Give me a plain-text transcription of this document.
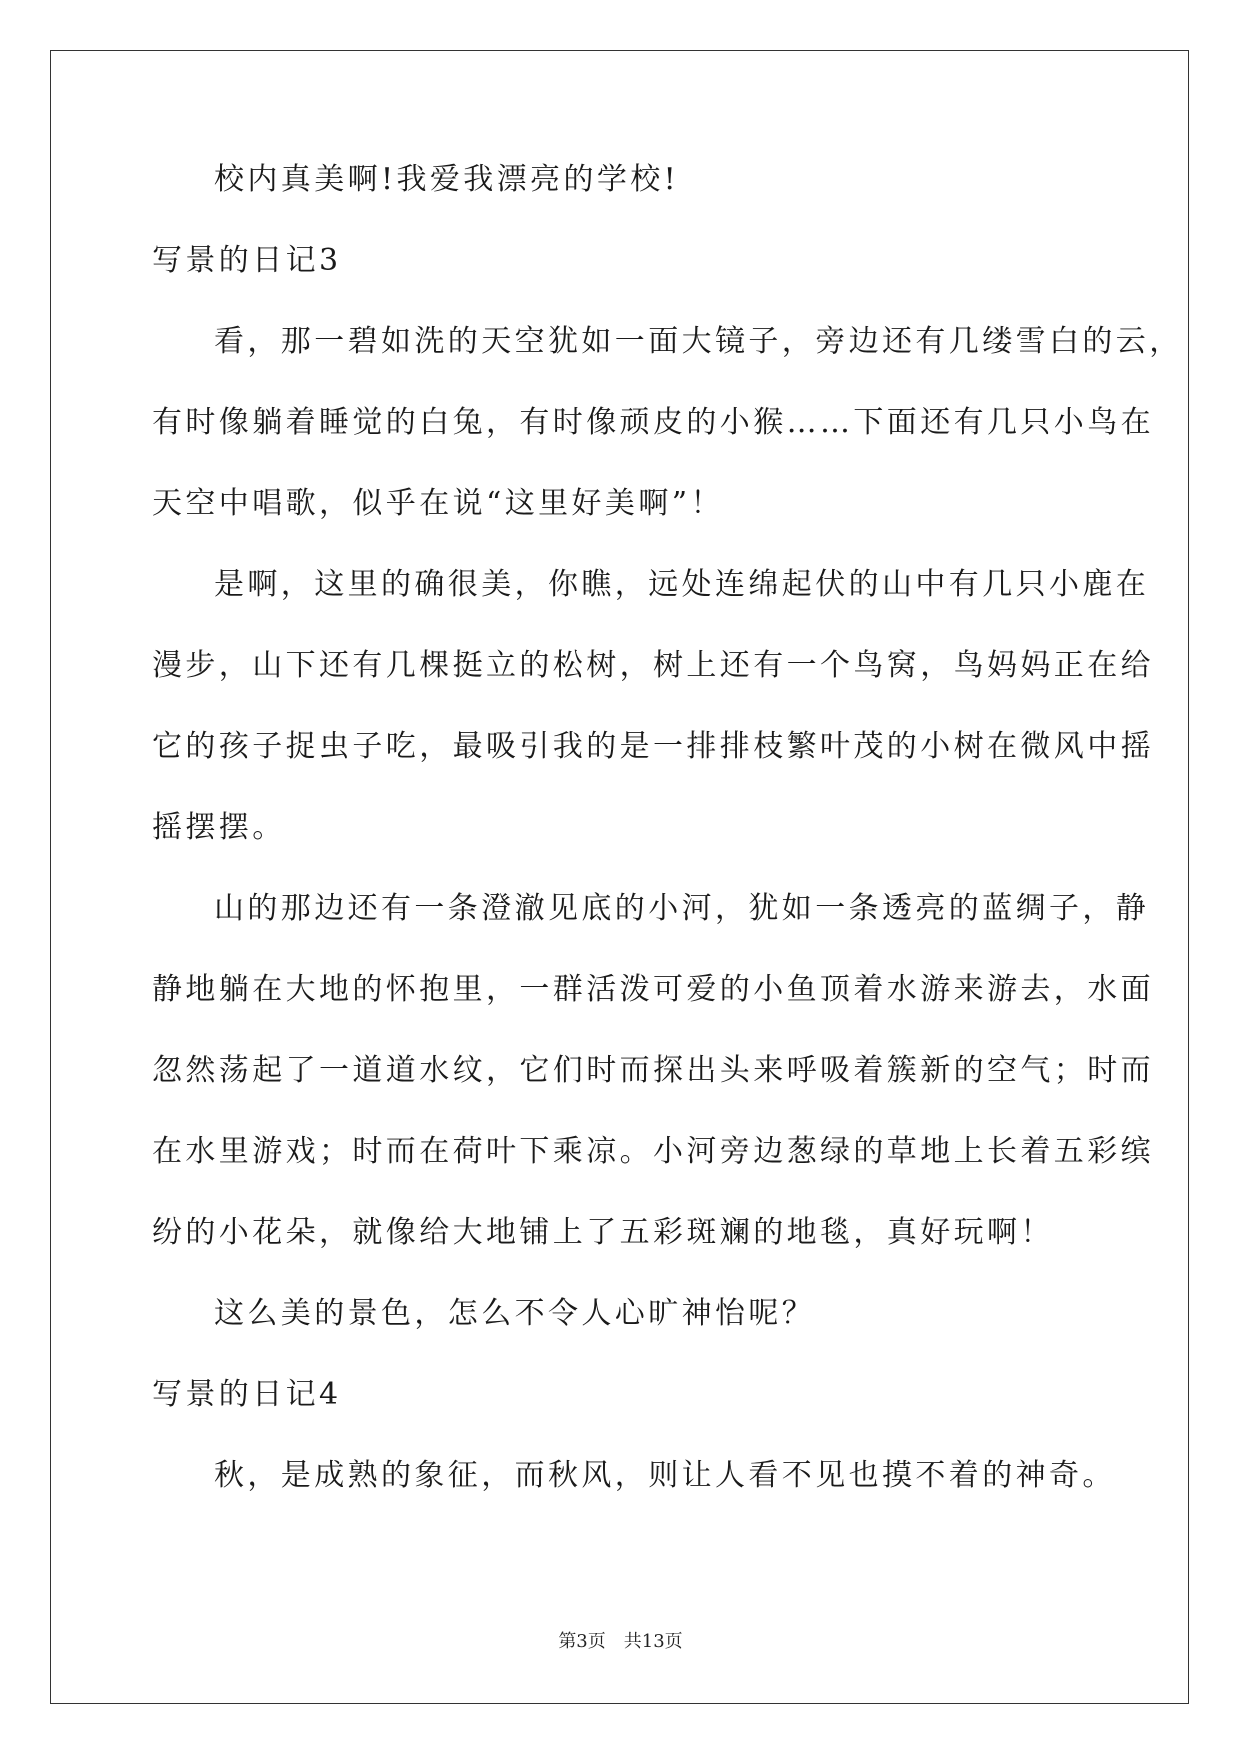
校内真美啊!我爱我漂亮的学校!
写景的日记3
看，那一碧如洗的天空犹如一面大镜子，旁边还有几缕雪白的云，
有时像躺着睡觉的白兔，有时像顽皮的小猴……下面还有几只小鸟在
天空中唱歌，似乎在说“这里好美啊”！
是啊，这里的确很美，你瞧，远处连绵起伏的山中有几只小鹿在
漫步，山下还有几棵挺立的松树，树上还有一个鸟窝，鸟妈妈正在给
它的孩子捉虫子吃，最吸引我的是一排排枝繁叶茂的小树在微风中摇
摇摆摆。
山的那边还有一条澄澈见底的小河，犹如一条透亮的蓝绸子，静
静地躺在大地的怀抱里，一群活泼可爱的小鱼顶着水游来游去，水面
忽然荡起了一道道水纹，它们时而探出头来呼吸着簇新的空气；时而
在水里游戏；时而在荷叶下乘凉。小河旁边葱绿的草地上长着五彩缤
纷的小花朵，就像给大地铺上了五彩斑斓的地毯，真好玩啊！
这么美的景色，怎么不令人心旷神怡呢？
写景的日记4
秋，是成熟的象征，而秋风，则让人看不见也摸不着的神奇。
第3页　共13页
